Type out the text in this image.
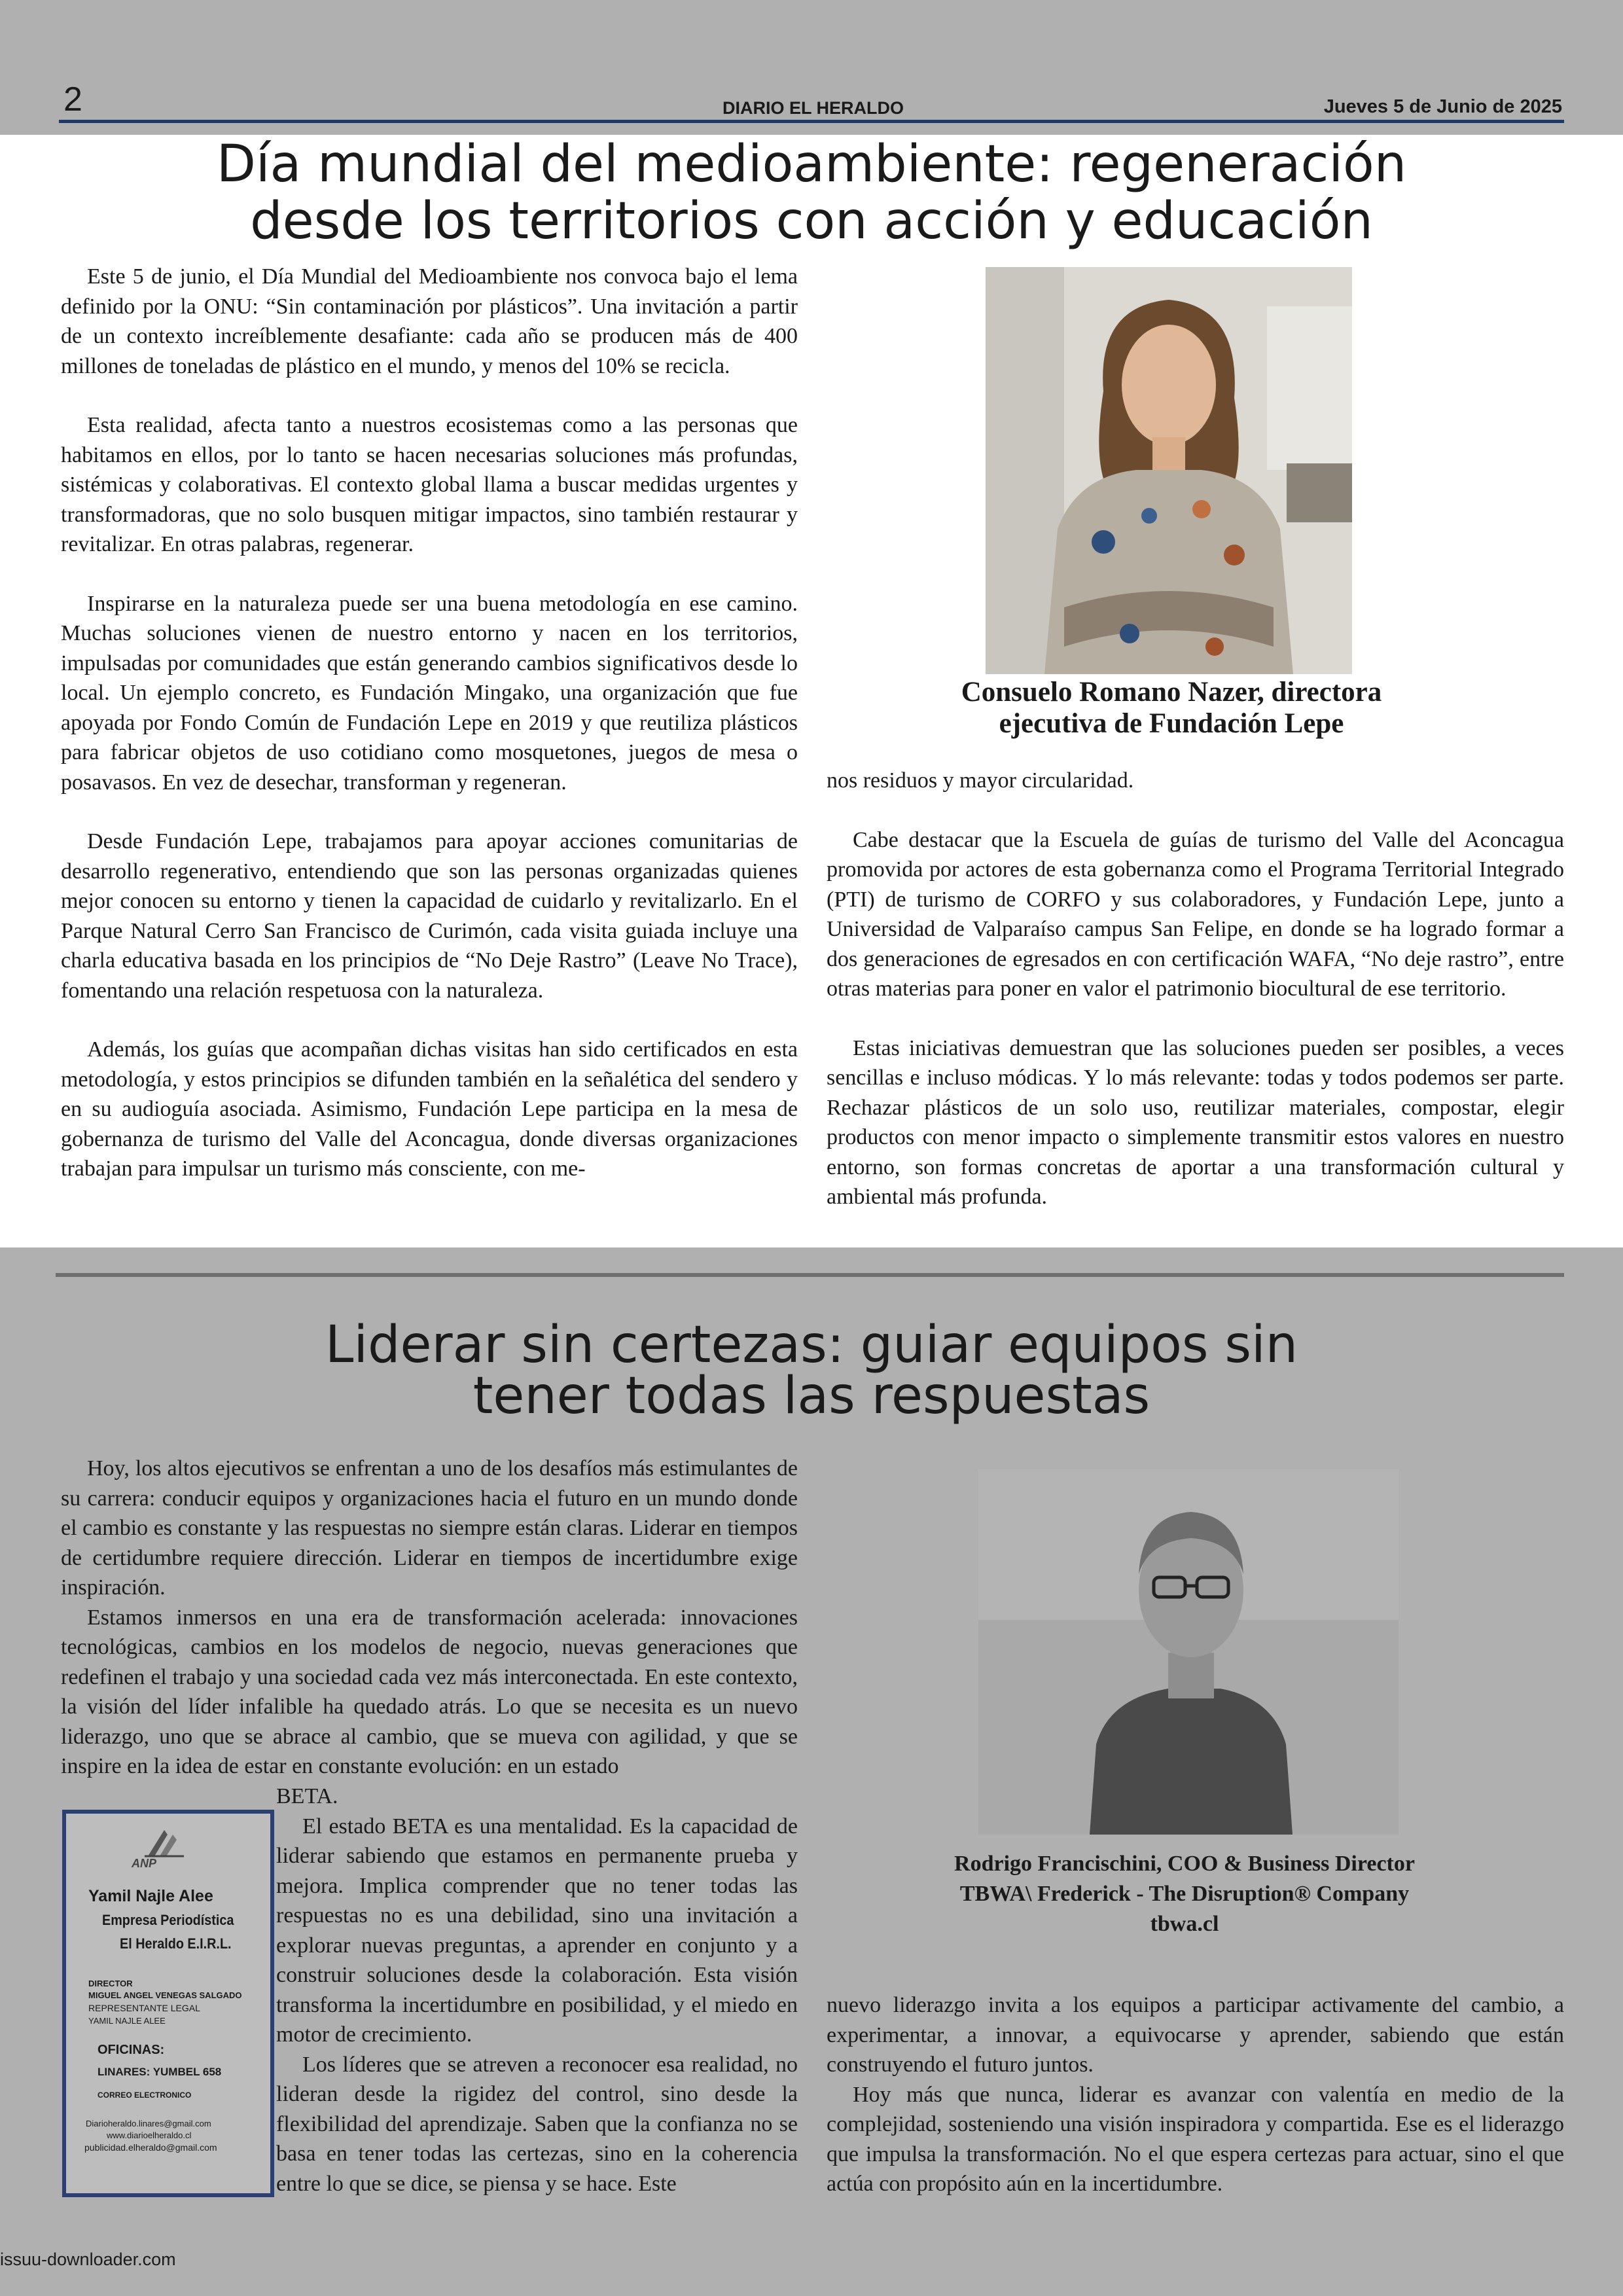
2	DIARIO EL HERALDO	Jueves 5 de Junio de 2025
Día mundial del medioambiente: regeneración
desde los territorios con acción y educación

Este 5 de junio, el Día Mundial del Medioambiente nos convoca bajo el lema definido por la ONU: “Sin contaminación por plásticos”. Una invitación a partir de un contexto increíblemente desafiante: cada año se producen más de 400 millones de toneladas de plástico en el mundo, y menos del 10% se recicla.

Esta realidad, afecta tanto a nuestros ecosistemas como a las personas que habitamos en ellos, por lo tanto se hacen necesarias soluciones más profundas, sistémicas y colaborativas. El contexto global llama a buscar medidas urgentes y transformadoras, que no solo busquen mitigar impactos, sino también restaurar y revitalizar. En otras palabras, regenerar.

Inspirarse en la naturaleza puede ser una buena metodología en ese camino. Muchas soluciones vienen de nuestro entorno y nacen en los territorios, impulsadas por comunidades que están generando cambios significativos desde lo local. Un ejemplo concreto, es Fundación Mingako, una organización que fue apoyada por Fondo Común de Fundación Lepe en 2019 y que reutiliza plásticos para fabricar objetos de uso cotidiano como mosquetones, juegos de mesa o posavasos. En vez de desechar, transforman y regeneran.

Desde Fundación Lepe, trabajamos para apoyar acciones comunitarias de desarrollo regenerativo, entendiendo que son las personas organizadas quienes mejor conocen su entorno y tienen la capacidad de cuidarlo y revitalizarlo. En el Parque Natural Cerro San Francisco de Curimón, cada visita guiada incluye una charla educativa basada en los principios de “No Deje Rastro” (Leave No Trace), fomentando una relación respetuosa con la naturaleza.

Además, los guías que acompañan dichas visitas han sido certificados en esta metodología, y estos principios se difunden también en la señalética del sendero y en su audioguía asociada. Asimismo, Fundación Lepe participa en la mesa de gobernanza de turismo del Valle del Aconcagua, donde diversas organizaciones trabajan para impulsar un turismo más consciente, con me-

Consuelo Romano Nazer, directora
ejecutiva de Fundación Lepe

nos residuos y mayor circularidad.

Cabe destacar que la Escuela de guías de turismo del Valle del Aconcagua promovida por actores de esta gobernanza como el Programa Territorial Integrado (PTI) de turismo de CORFO y sus colaboradores, y Fundación Lepe, junto a Universidad de Valparaíso campus San Felipe, en donde se ha logrado formar a dos generaciones de egresados en con certificación WAFA, “No deje rastro”, entre otras materias para poner en valor el patrimonio biocultural de ese territorio.

Estas iniciativas demuestran que las soluciones pueden ser posibles, a veces sencillas e incluso módicas. Y lo más relevante: todas y todos podemos ser parte. Rechazar plásticos de un solo uso, reutilizar materiales, compostar, elegir productos con menor impacto o simplemente transmitir estos valores en nuestro entorno, son formas concretas de aportar a una transformación cultural y ambiental más profunda.

Liderar sin certezas: guiar equipos sin
tener todas las respuestas

Hoy, los altos ejecutivos se enfrentan a uno de los desafíos más estimulantes de su carrera: conducir equipos y organizaciones hacia el futuro en un mundo donde el cambio es constante y las respuestas no siempre están claras. Liderar en tiempos de certidumbre requiere dirección. Liderar en tiempos de incertidumbre exige inspiración.

Estamos inmersos en una era de transformación acelerada: innovaciones tecnológicas, cambios en los modelos de negocio, nuevas generaciones que redefinen el trabajo y una sociedad cada vez más interconectada. En este contexto, la visión del líder infalible ha quedado atrás. Lo que se necesita es un nuevo liderazgo, uno que se abrace al cambio, que se mueva con agilidad, y que se inspire en la idea de estar en constante evolución: en un estado

BETA.

El estado BETA es una mentalidad. Es la capacidad de liderar sabiendo que estamos en permanente prueba y mejora. Implica comprender que no tener todas las respuestas no es una debilidad, sino una invitación a explorar nuevas preguntas, a aprender en conjunto y a construir soluciones desde la colaboración. Esta visión transforma la incertidumbre en posibilidad, y el miedo en motor de crecimiento.

Los líderes que se atreven a reconocer esa realidad, no lideran desde la rigidez del control, sino desde la flexibilidad del aprendizaje. Saben que la confianza no se basa en tener todas las certezas, sino en la coherencia entre lo que se dice, se piensa y se hace. Este

ANP
Yamil Najle Alee
Empresa Periodística
El Heraldo E.I.R.L.
DIRECTOR
MIGUEL ANGEL VENEGAS SALGADO
REPRESENTANTE LEGAL
YAMIL NAJLE ALEE
OFICINAS:
LINARES: YUMBEL 658
CORREO ELECTRONICO
Diarioheraldo.linares@gmail.com
www.diarioelheraldo.cl
publicidad.elheraldo@gmail.com
Rodrigo Francischini, COO & Business Director
TBWA\ Frederick - The Disruption® Company
tbwa.cl

nuevo liderazgo invita a los equipos a participar activamente del cambio, a experimentar, a innovar, a equivocarse y aprender, sabiendo que están construyendo el futuro juntos.

Hoy más que nunca, liderar es avanzar con valentía en medio de la complejidad, sosteniendo una visión inspiradora y compartida. Ese es el liderazgo que impulsa la transformación. No el que espera certezas para actuar, sino el que actúa con propósito aún en la incertidumbre.

issuu-downloader.com
